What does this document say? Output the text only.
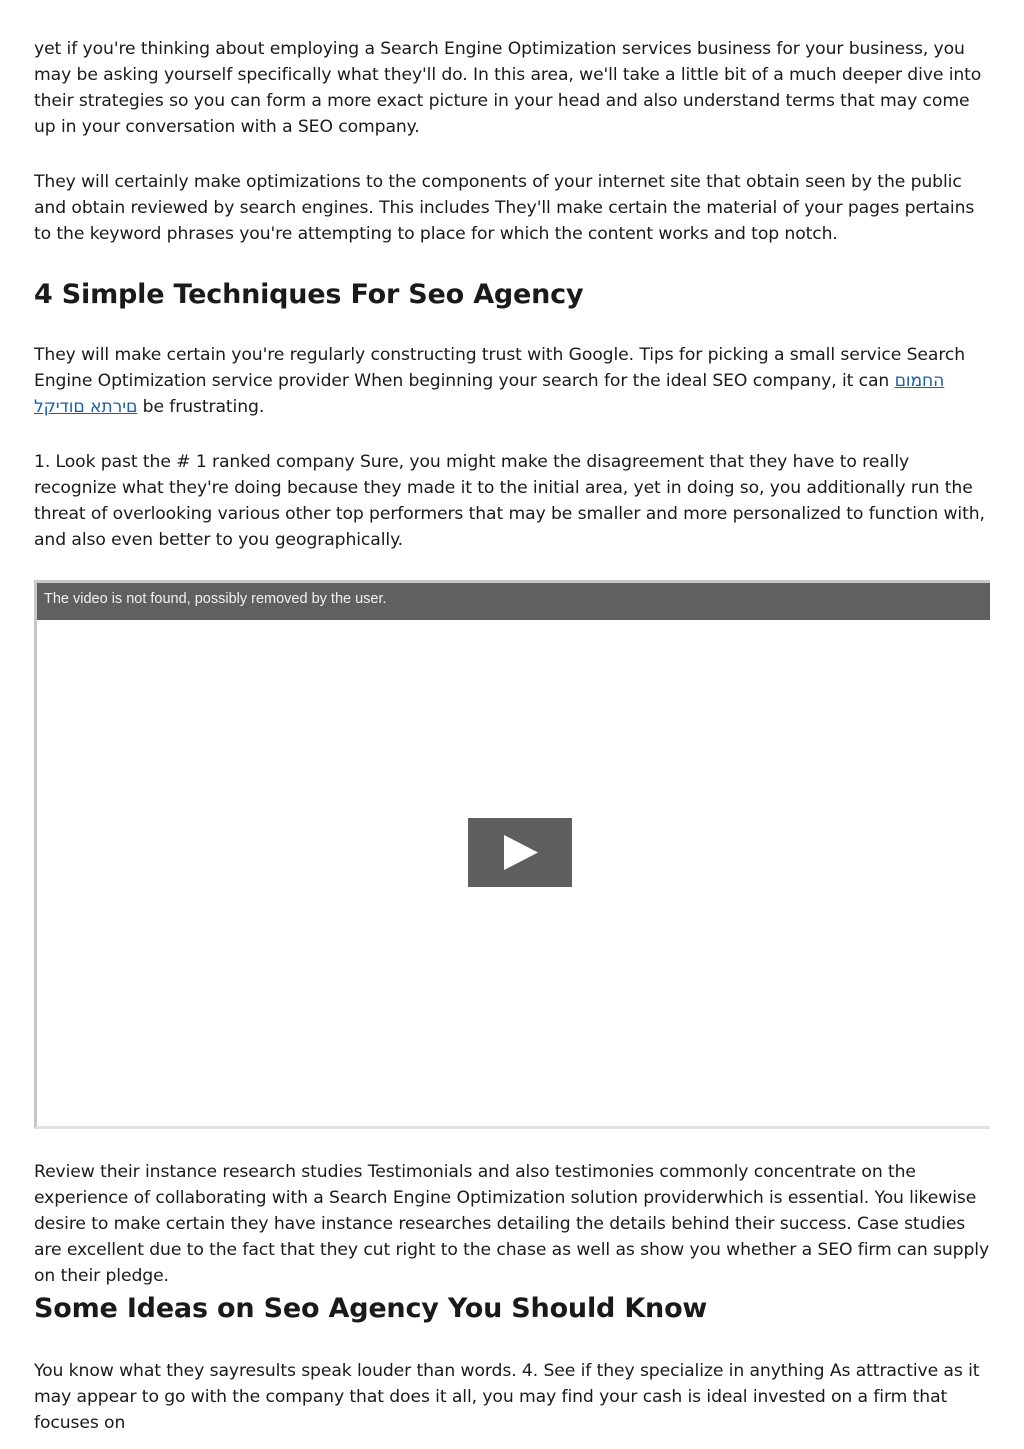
yet if you're thinking about employing a Search Engine Optimization services business for your business, you may be asking yourself specifically what they'll do. In this area, we'll take a little bit of a much deeper dive into their strategies so you can form a more exact picture in your head and also understand terms that may come up in your conversation with a SEO company.

They will certainly make optimizations to the components of your internet site that obtain seen by the public and obtain reviewed by search engines. This includes They'll make certain the material of your pages pertains to the keyword phrases you're attempting to place for which the content works and top notch.

4 Simple Techniques For Seo Agency

They will make certain you're regularly constructing trust with Google. Tips for picking a small service Search Engine Optimization service provider When beginning your search for the ideal SEO company, it can החמום םירתא םודיקל be frustrating.

1. Look past the # 1 ranked company Sure, you might make the disagreement that they have to really recognize what they're doing because they made it to the initial area, yet in doing so, you additionally run the threat of overlooking various other top performers that may be smaller and more personalized to function with, and also even better to you geographically.

The video is not found, possibly removed by the user.

Review their instance research studies Testimonials and also testimonies commonly concentrate on the experience of collaborating with a Search Engine Optimization solution providerwhich is essential. You likewise desire to make certain they have instance researches detailing the details behind their success. Case studies are excellent due to the fact that they cut right to the chase as well as show you whether a SEO firm can supply on their pledge.

Some Ideas on Seo Agency You Should Know

You know what they sayresults speak louder than words. 4. See if they specialize in anything As attractive as it may appear to go with the company that does it all, you may find your cash is ideal invested on a firm that focuses on
